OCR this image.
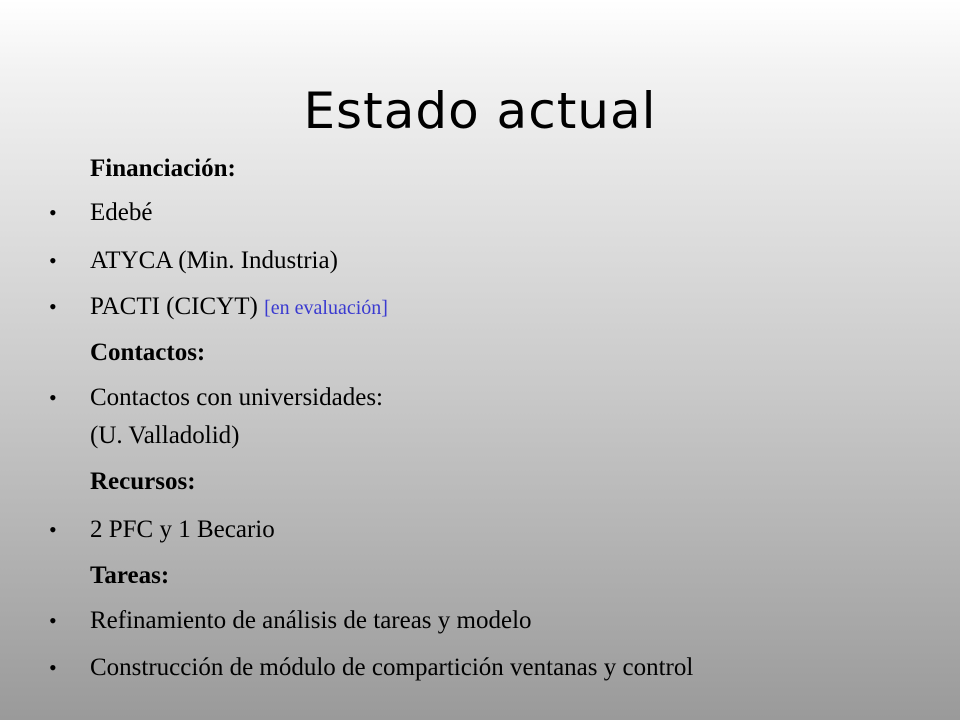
Estado actual
Financiación:
• Edebé
• ATYCA (Min. Industria)
• PACTI (CICYT) [en evaluación]
Contactos:
• Contactos con universidades:
(U. Valladolid)
Recursos:
• 2 PFC y 1 Becario
Tareas:
• Refinamiento de análisis de tareas y modelo
• Construcción de módulo de compartición ventanas y control
